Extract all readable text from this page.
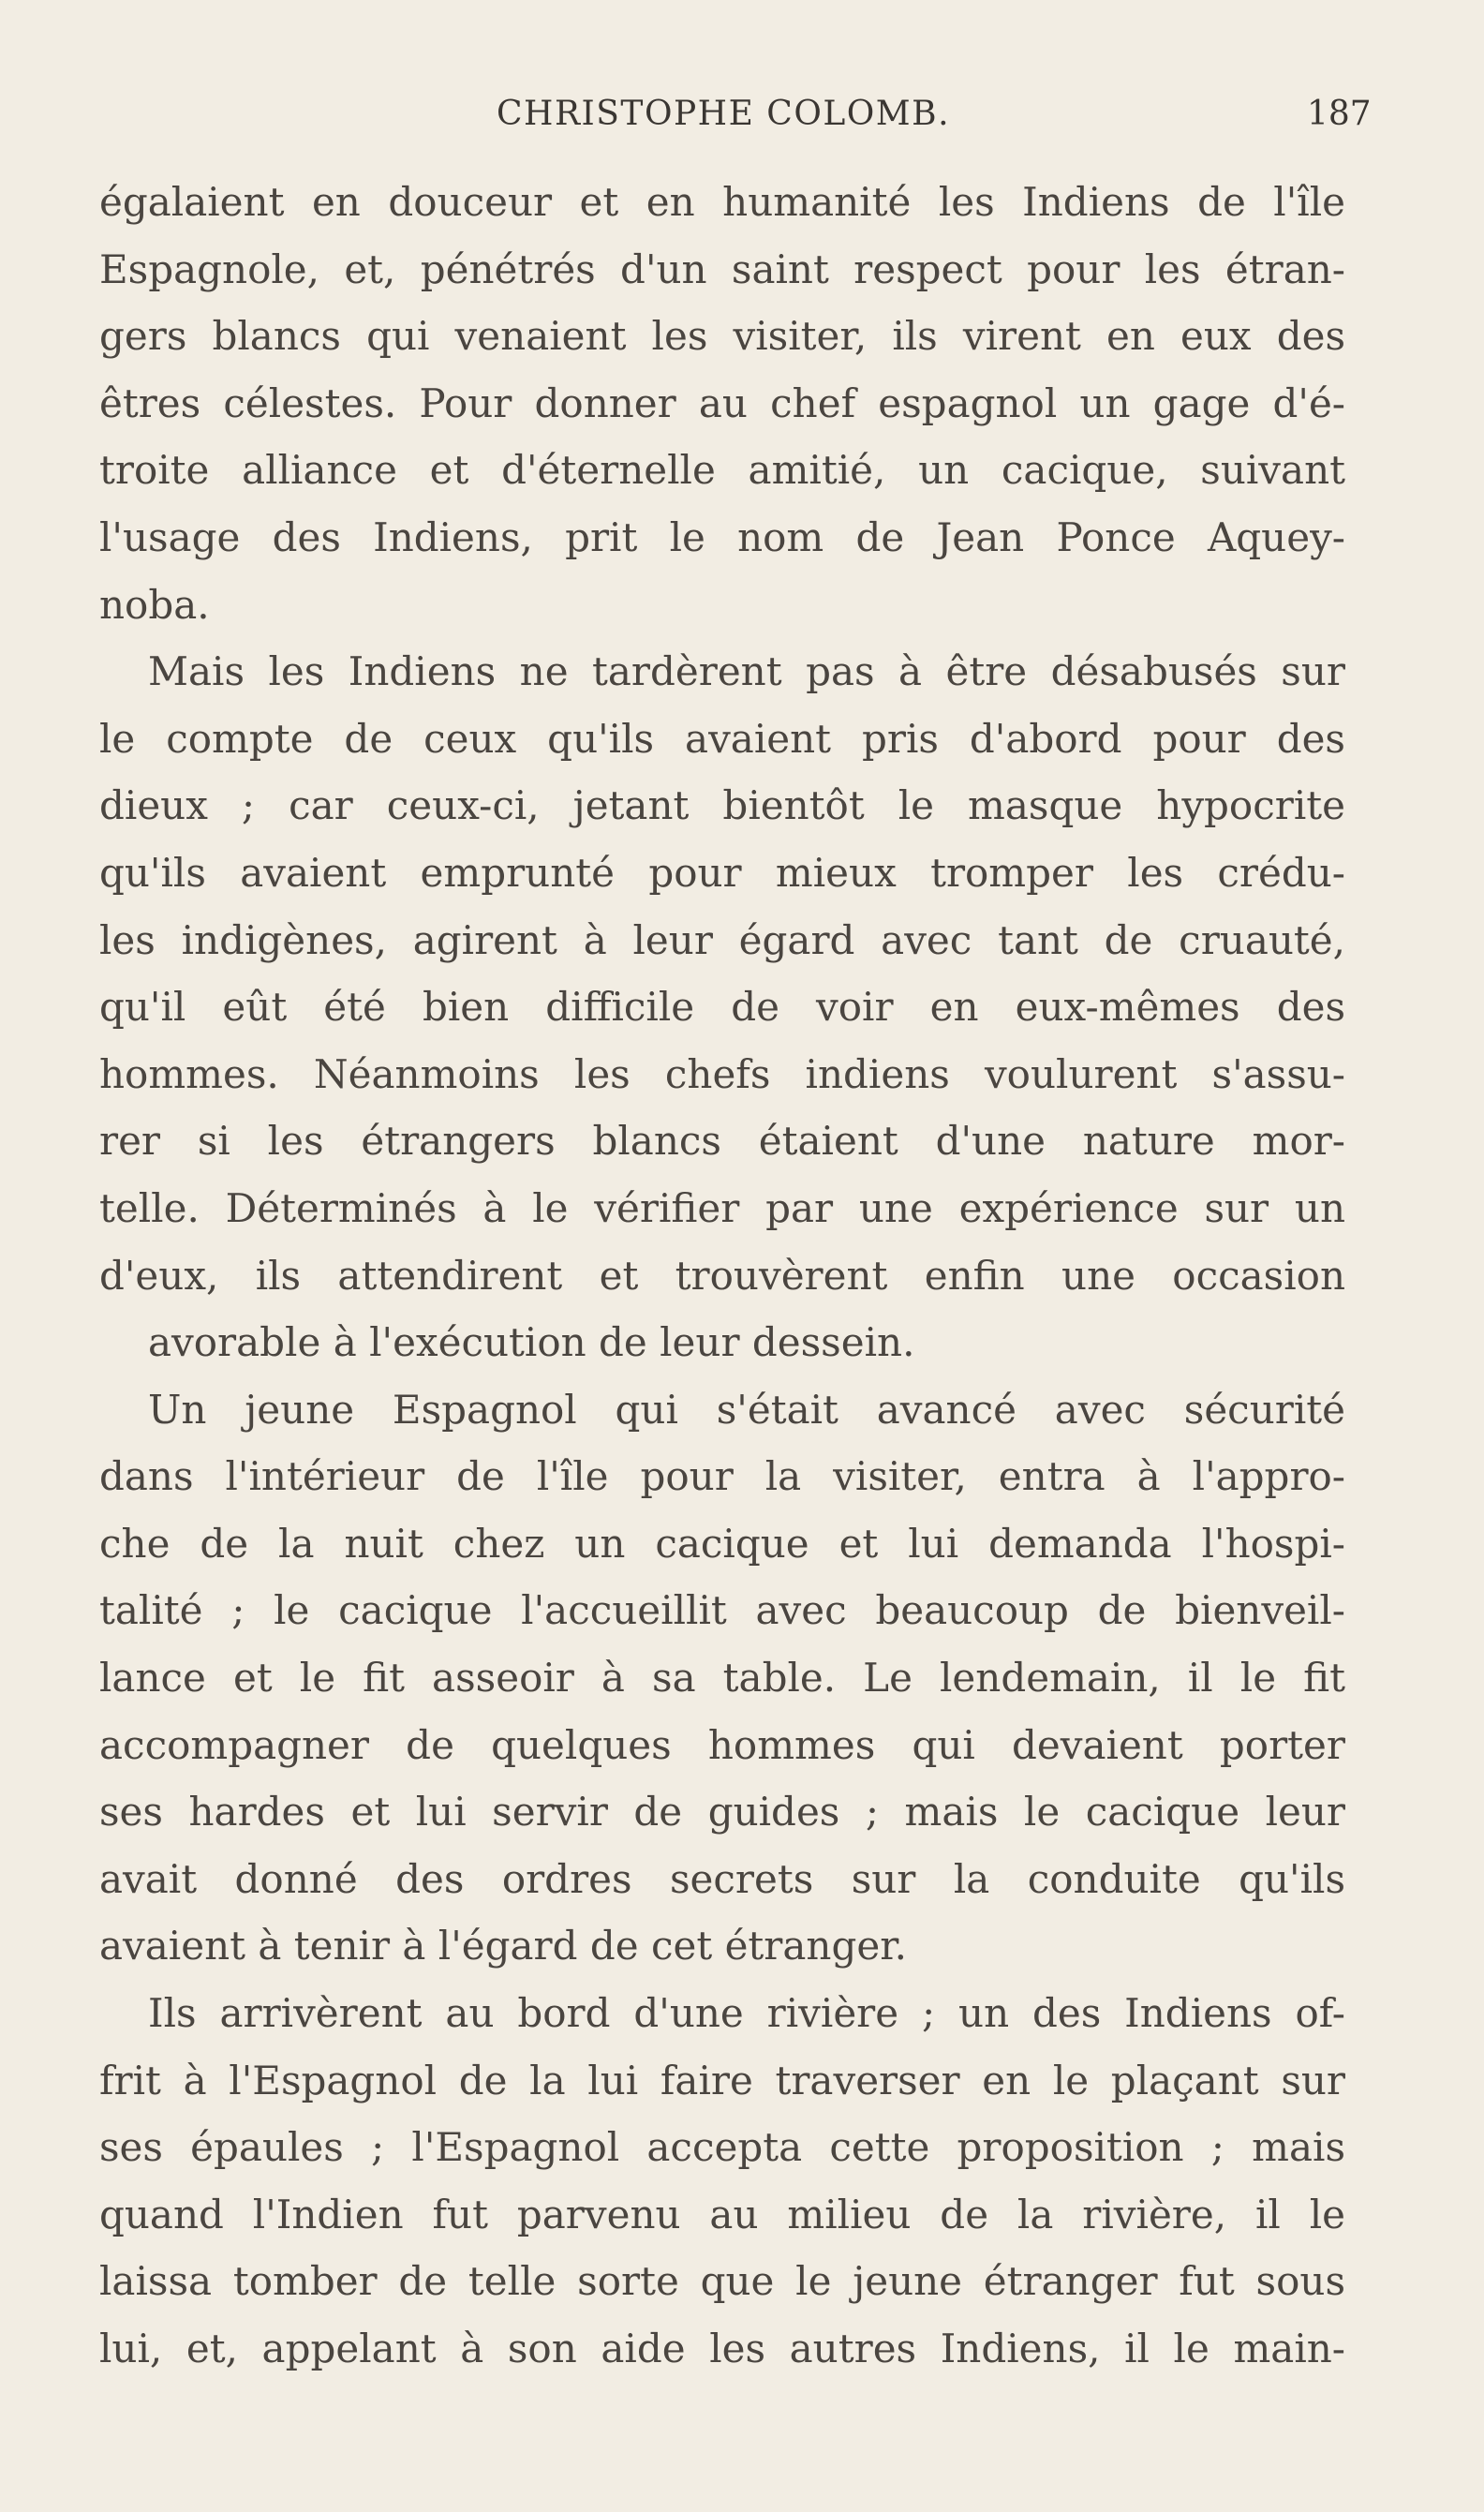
CHRISTOPHE COLOMB.	187
égalaient en douceur et en humanité les Indiens de l'île
Espagnole, et, pénétrés d'un saint respect pour les étran-
gers blancs qui venaient les visiter, ils virent en eux des
êtres célestes. Pour donner au chef espagnol un gage d'é-
troite alliance et d'éternelle amitié, un cacique, suivant
l'usage des Indiens, prit le nom de Jean Ponce Aquey-
noba.
Mais les Indiens ne tardèrent pas à être désabusés sur
le compte de ceux qu'ils avaient pris d'abord pour des
dieux ; car ceux-ci, jetant bientôt le masque hypocrite
qu'ils avaient emprunté pour mieux tromper les crédu-
les indigènes, agirent à leur égard avec tant de cruauté,
qu'il eût été bien difficile de voir en eux-mêmes des
hommes. Néanmoins les chefs indiens voulurent s'assu-
rer si les étrangers blancs étaient d'une nature mor-
telle. Déterminés à le vérifier par une expérience sur un
d'eux, ils attendirent et trouvèrent enfin une occasion
avorable à l'exécution de leur dessein.
Un jeune Espagnol qui s'était avancé avec sécurité
dans l'intérieur de l'île pour la visiter, entra à l'appro-
che de la nuit chez un cacique et lui demanda l'hospi-
talité ; le cacique l'accueillit avec beaucoup de bienveil-
lance et le fit asseoir à sa table. Le lendemain, il le fit
accompagner de quelques hommes qui devaient porter
ses hardes et lui servir de guides ; mais le cacique leur
avait donné des ordres secrets sur la conduite qu'ils
avaient à tenir à l'égard de cet étranger.
Ils arrivèrent au bord d'une rivière ; un des Indiens of-
frit à l'Espagnol de la lui faire traverser en le plaçant sur
ses épaules ; l'Espagnol accepta cette proposition ; mais
quand l'Indien fut parvenu au milieu de la rivière, il le
laissa tomber de telle sorte que le jeune étranger fut sous
lui, et, appelant à son aide les autres Indiens, il le main-
